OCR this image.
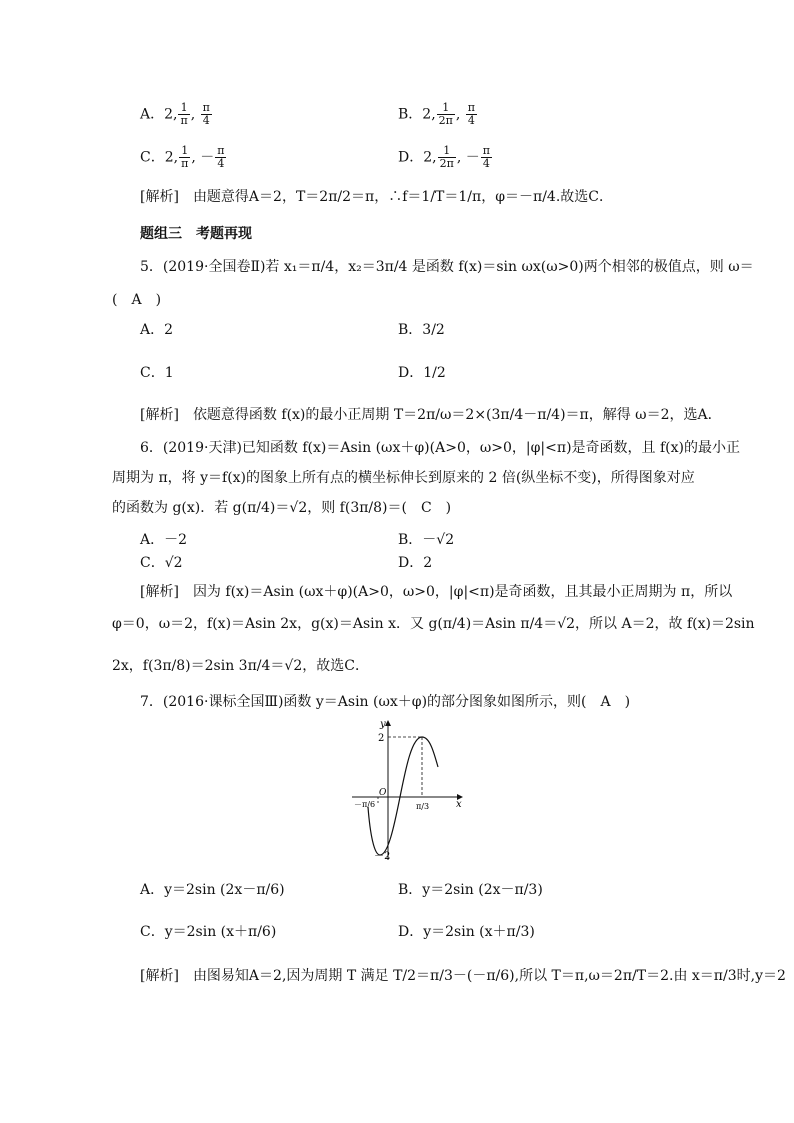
A．2, $\frac{1}{\pi}$ , $\frac{\pi}{4}$	B．2, $\frac{1}{2\pi}$ , $\frac{\pi}{4}$
C．2, $\frac{1}{\pi}$ , － $\frac{\pi}{4}$	D．2, $\frac{1}{2\pi}$ , － $\frac{\pi}{4}$
[解析]　 由题意得A＝2，T＝2π/2＝π，∴f＝1/T＝1/π，φ＝－π/4.故选C．
题组三　考题再现
5．(2019·全国卷Ⅱ)若 x₁＝π/4，x₂＝3π/4 是函数 f(x)＝sin ωx(ω>0)两个相邻的极值点，则 ω＝
(　A　)
A．2	B．3/2
C．1	D．1/2
[解析]　 依题意得函数 f(x)的最小正周期 T＝2π/ω＝2×(3π/4－π/4)＝π，解得 ω＝2，选A．
6．(2019·天津)已知函数 f(x)＝Asin (ωx＋φ)(A>0，ω>0，|φ|<π)是奇函数，且 f(x)的最小正
周期为 π，将 y＝f(x)的图象上所有点的横坐标伸长到原来的 2 倍(纵坐标不变)，所得图象对应
的函数为 g(x)．若 g(π/4)＝√2，则 f(3π/8)＝(　C　)
A．－2	B．－√2
C．√2	D．2
[解析]　 因为 f(x)＝Asin (ωx＋φ)(A>0，ω>0，|φ|<π)是奇函数，且其最小正周期为 π，所以
φ＝0，ω＝2，f(x)＝Asin 2x，g(x)＝Asin x．又 g(π/4)＝Asin π/4＝√2，所以 A＝2，故 f(x)＝2sin
2x，f(3π/8)＝2sin 3π/4＝√2，故选C．
7．(2016·课标全国Ⅲ)函数 y＝Asin (ωx＋φ)的部分图象如图所示，则(　A　)
y
x
O
2
－2
－π/6	π/3
A．y＝2sin (2x－π/6)	B．y＝2sin (2x－π/3)
C．y＝2sin (x＋π/6)	D．y＝2sin (x＋π/3)
[解析]　 由图易知A＝2,因为周期 T 满足 T/2＝π/3－(－π/6),所以 T＝π,ω＝2π/T＝2.由 x＝π/3时,y＝2
